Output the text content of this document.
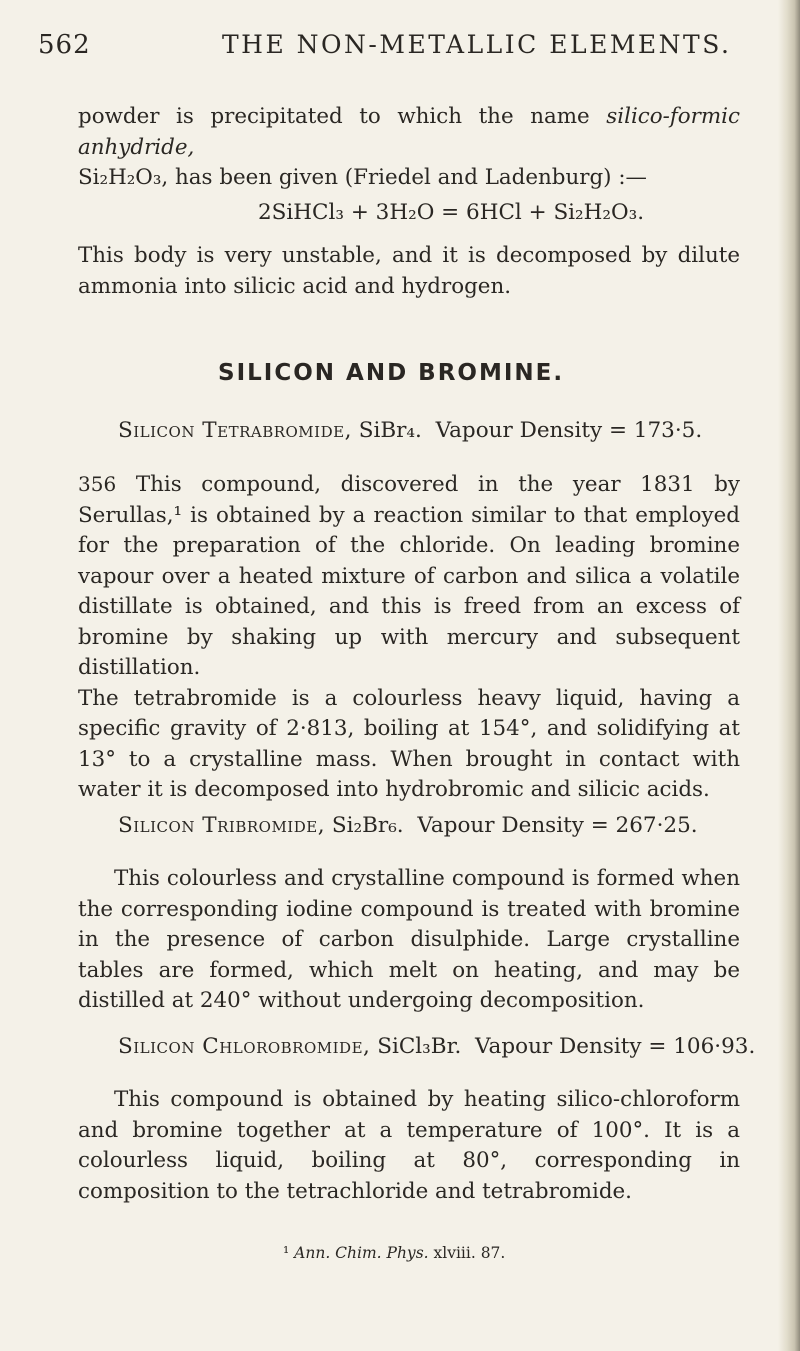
562	THE NON-METALLIC ELEMENTS.

powder is precipitated to which the name silico-formic anhydride,
Si₂H₂O₃, has been given (Friedel and Ladenburg) :—

2SiHCl₃ + 3H₂O = 6HCl + Si₂H₂O₃.

This body is very unstable, and it is decomposed by dilute ammonia into silicic acid and hydrogen.

SILICON AND BROMINE.
Silicon Tetrabromide, SiBr₄. Vapour Density = 173·5.

356 This compound, discovered in the year 1831 by Serullas,¹ is obtained by a reaction similar to that employed for the preparation of the chloride. On leading bromine vapour over a heated mixture of carbon and silica a volatile distillate is obtained, and this is freed from an excess of bromine by shaking up with mercury and subsequent distillation.

The tetrabromide is a colourless heavy liquid, having a specific gravity of 2·813, boiling at 154°, and solidifying at 13° to a crystalline mass. When brought in contact with water it is decomposed into hydrobromic and silicic acids.

Silicon Tribromide, Si₂Br₆. Vapour Density = 267·25.

This colourless and crystalline compound is formed when the corresponding iodine compound is treated with bromine in the presence of carbon disulphide. Large crystalline tables are formed, which melt on heating, and may be distilled at 240° without undergoing decomposition.

Silicon Chlorobromide, SiCl₃Br. Vapour Density = 106·93.

This compound is obtained by heating silico-chloroform and bromine together at a temperature of 100°. It is a colourless liquid, boiling at 80°, corresponding in composition to the tetrachloride and tetrabromide.

¹ Ann. Chim. Phys. xlviii. 87.
